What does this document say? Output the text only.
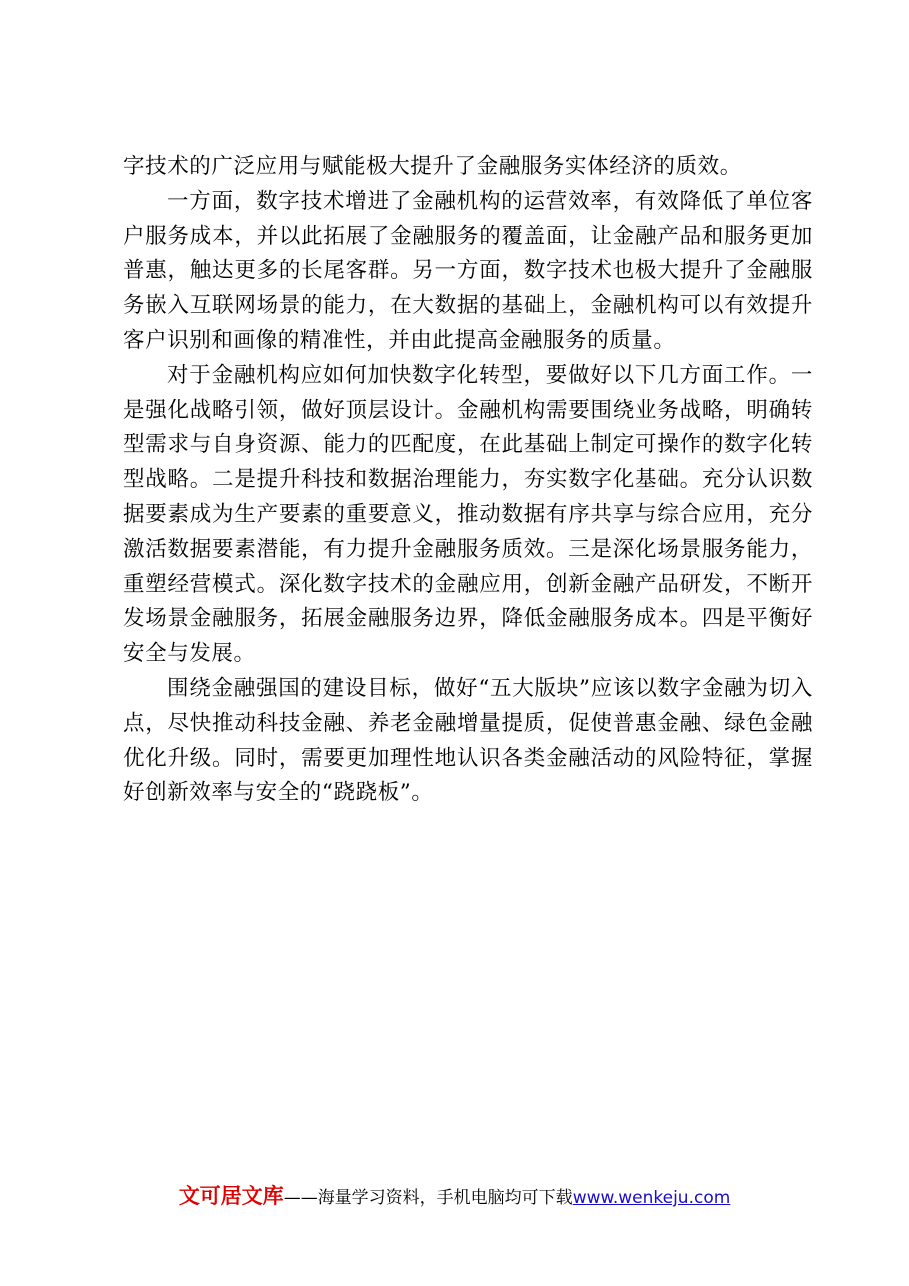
字技术的广泛应用与赋能极大提升了金融服务实体经济的质效。

一方面，数字技术增进了金融机构的运营效率，有效降低了单位客户服务成本，并以此拓展了金融服务的覆盖面，让金融产品和服务更加普惠，触达更多的长尾客群。另一方面，数字技术也极大提升了金融服务嵌入互联网场景的能力，在大数据的基础上，金融机构可以有效提升客户识别和画像的精准性，并由此提高金融服务的质量。

对于金融机构应如何加快数字化转型，要做好以下几方面工作。一是强化战略引领，做好顶层设计。金融机构需要围绕业务战略，明确转型需求与自身资源、能力的匹配度，在此基础上制定可操作的数字化转型战略。二是提升科技和数据治理能力，夯实数字化基础。充分认识数据要素成为生产要素的重要意义，推动数据有序共享与综合应用，充分激活数据要素潜能，有力提升金融服务质效。三是深化场景服务能力，重塑经营模式。深化数字技术的金融应用，创新金融产品研发，不断开发场景金融服务，拓展金融服务边界，降低金融服务成本。四是平衡好安全与发展。

围绕金融强国的建设目标，做好“五大版块”应该以数字金融为切入点，尽快推动科技金融、养老金融增量提质，促使普惠金融、绿色金融优化升级。同时，需要更加理性地认识各类金融活动的风险特征，掌握好创新效率与安全的“跷跷板”。

文可居文库——海量学习资料，手机电脑均可下载www.wenkeju.com
